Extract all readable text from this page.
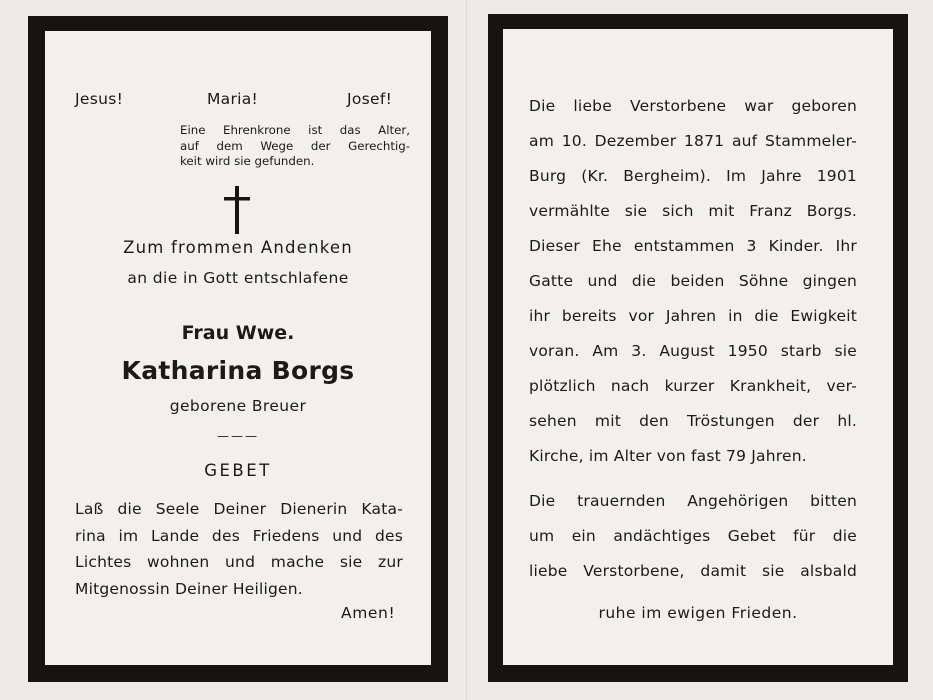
Jesus!	Maria!	Josef!
Eine Ehrenkrone ist das Alter,
auf dem Wege der Gerechtig-
keit wird sie gefunden.
Zum frommen Andenken
an die in Gott entschlafene
Frau Wwe.
Katharina Borgs
geborene Breuer
———
GEBET
Laß die Seele Deiner Dienerin Kata-
rina im Lande des Friedens und des
Lichtes wohnen und mache sie zur
Mitgenossin Deiner Heiligen.
Amen!
Die liebe Verstorbene war geboren
am 10. Dezember 1871 auf Stammeler-
Burg (Kr. Bergheim). Im Jahre 1901
vermählte sie sich mit Franz Borgs.
Dieser Ehe entstammen 3 Kinder. Ihr
Gatte und die beiden Söhne gingen
ihr bereits vor Jahren in die Ewigkeit
voran. Am 3. August 1950 starb sie
plötzlich nach kurzer Krankheit, ver-
sehen mit den Tröstungen der hl.
Kirche, im Alter von fast 79 Jahren.
Die trauernden Angehörigen bitten
um ein andächtiges Gebet für die
liebe Verstorbene, damit sie alsbald
ruhe im ewigen Frieden.
